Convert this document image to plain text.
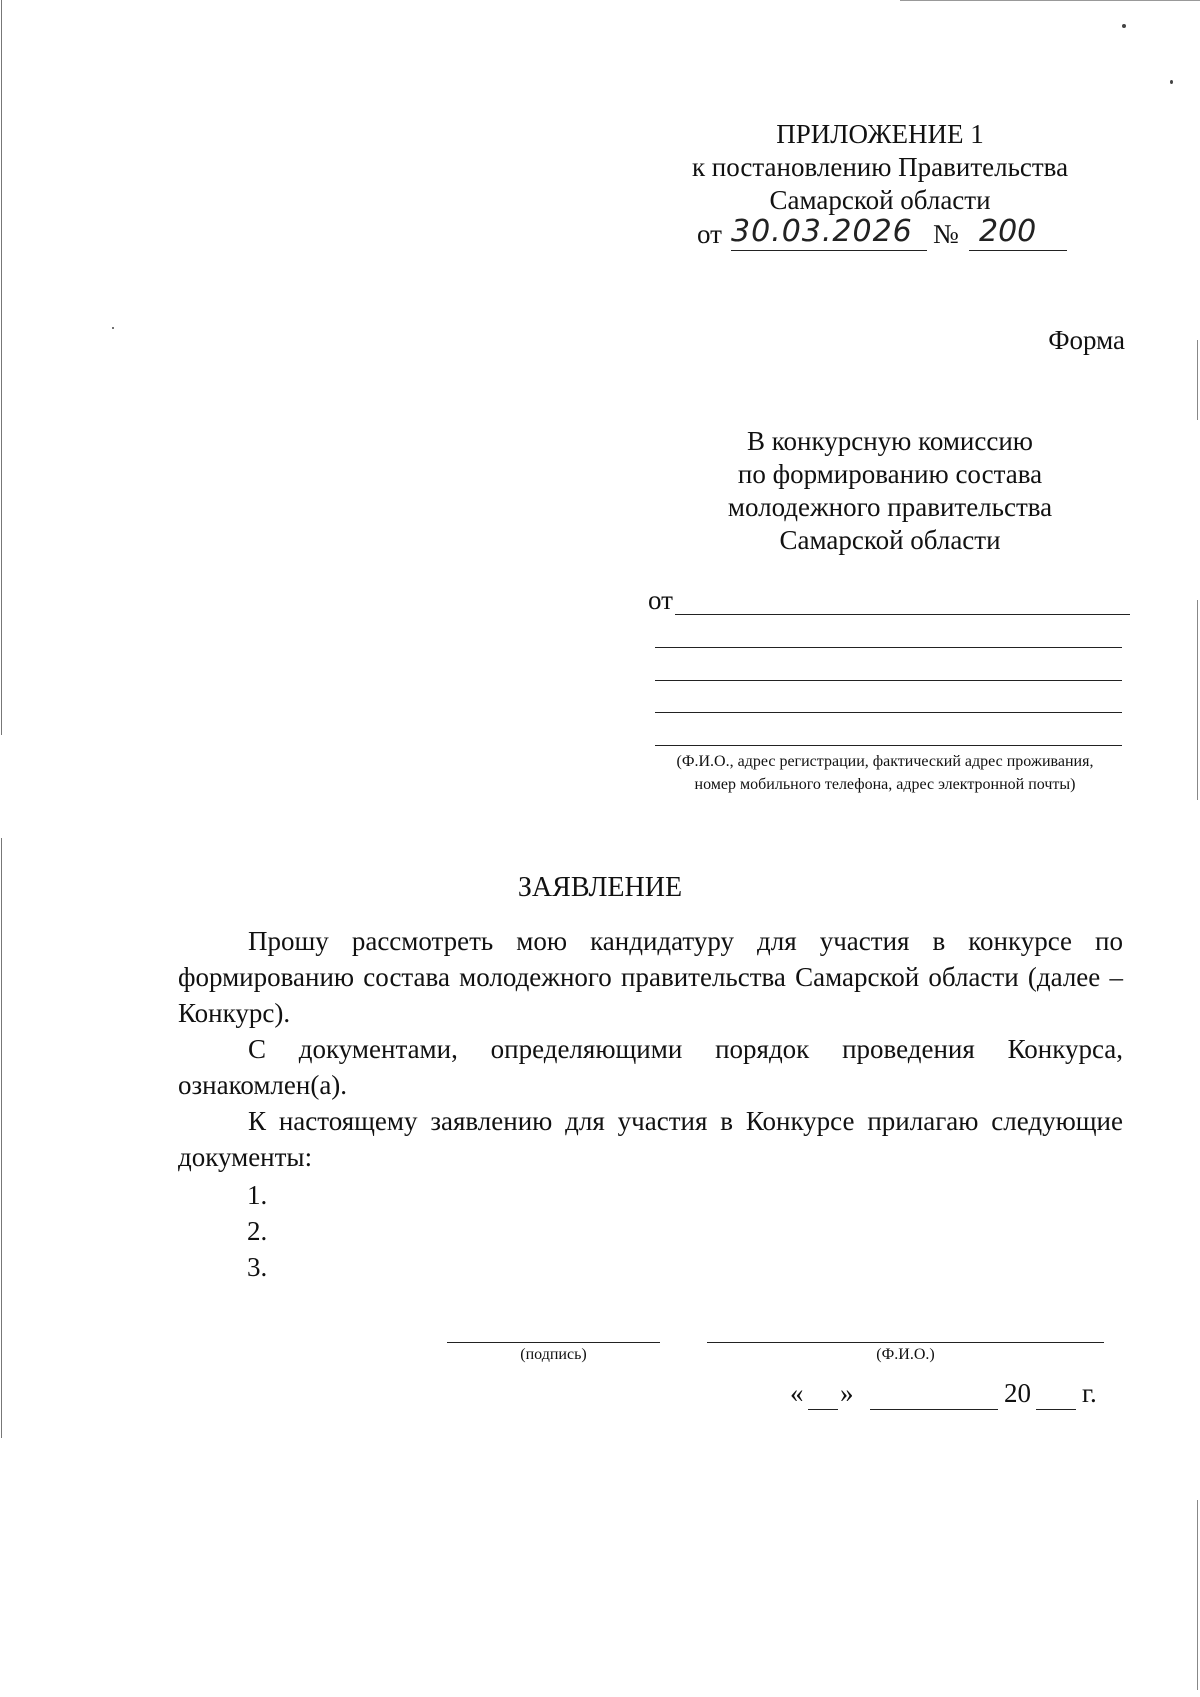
ПРИЛОЖЕНИЕ 1
к постановлению Правительства
Самарской области
от 30.03.2026 № 200
Форма
В конкурсную комиссию
по формированию состава
молодежного правительства
Самарской области
от
(Ф.И.О., адрес регистрации, фактический адрес проживания,
номер мобильного телефона, адрес электронной почты)
ЗАЯВЛЕНИЕ

Прошу рассмотреть мою кандидатуру для участия в конкурсе по формированию состава молодежного правительства Самарской области (далее – Конкурс).

С документами, определяющими порядок проведения Конкурса, ознакомлен(а).

К настоящему заявлению для участия в Конкурсе прилагаю следующие документы:

1.
2.
3.
(подпись)	(Ф.И.О.)
« »	20 г.
